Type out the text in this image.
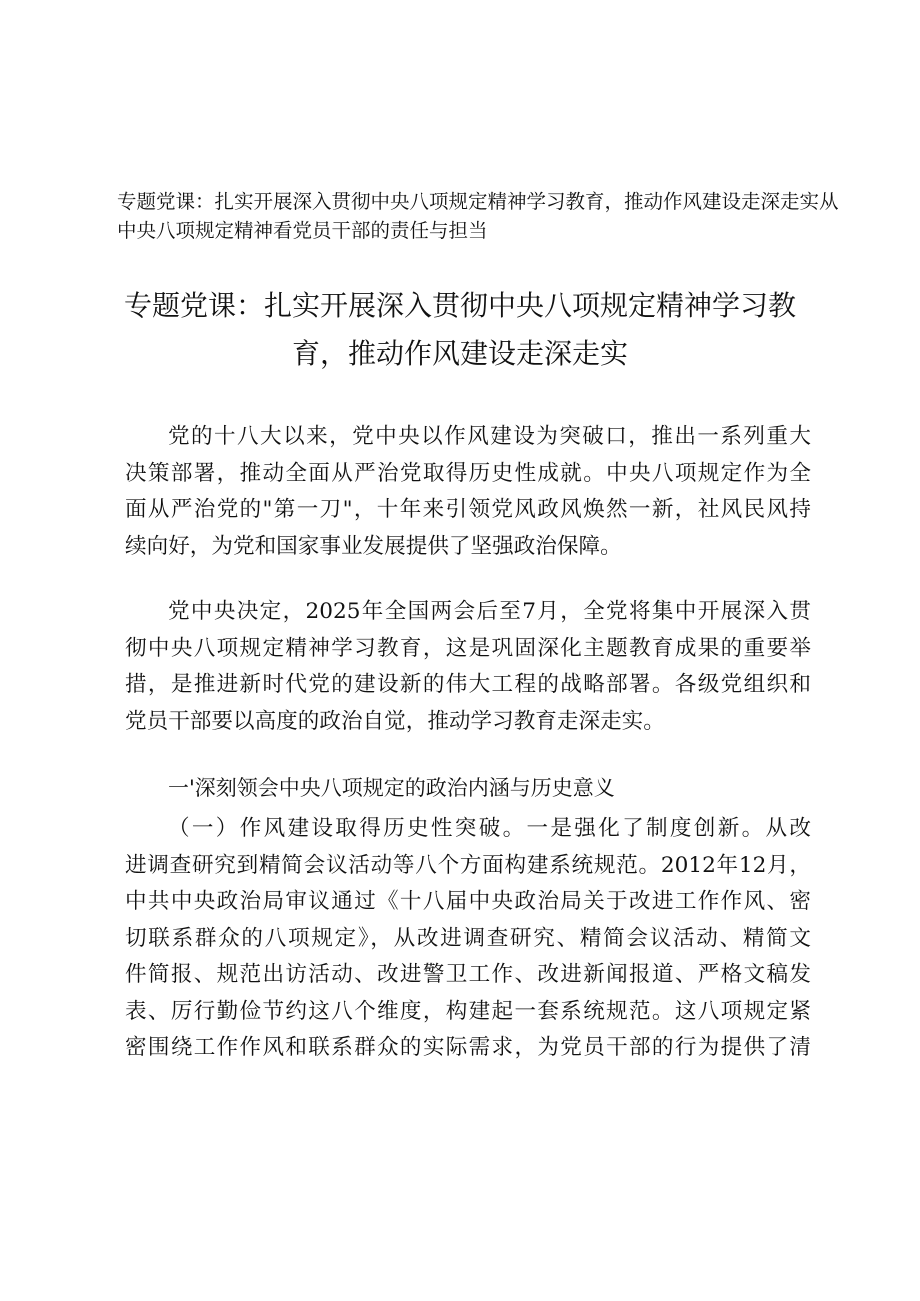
专题党课：扎实开展深入贯彻中央八项规定精神学习教育，推动作风建设走深走实从
中央八项规定精神看党员干部的责任与担当
专题党课：扎实开展深入贯彻中央八项规定精神学习教
育，推动作风建设走深走实
党的十八大以来，党中央以作风建设为突破口，推出一系列重大
决策部署，推动全面从严治党取得历史性成就。中央八项规定作为全
面从严治党的"第一刀"，十年来引领党风政风焕然一新，社风民风持
续向好，为党和国家事业发展提供了坚强政治保障。
党中央决定，2025年全国两会后至7月，全党将集中开展深入贯
彻中央八项规定精神学习教育，这是巩固深化主题教育成果的重要举
措，是推进新时代党的建设新的伟大工程的战略部署。各级党组织和
党员干部要以高度的政治自觉，推动学习教育走深走实。
一'深刻领会中央八项规定的政治内涵与历史意义
（一）作风建设取得历史性突破。一是强化了制度创新。从改
进调查研究到精简会议活动等八个方面构建系统规范。2012年12月，
中共中央政治局审议通过《十八届中央政治局关于改进工作作风、密
切联系群众的八项规定》，从改进调查研究、精简会议活动、精简文
件简报、规范出访活动、改进警卫工作、改进新闻报道、严格文稿发
表、厉行勤俭节约这八个维度，构建起一套系统规范。这八项规定紧
密围绕工作作风和联系群众的实际需求，为党员干部的行为提供了清
